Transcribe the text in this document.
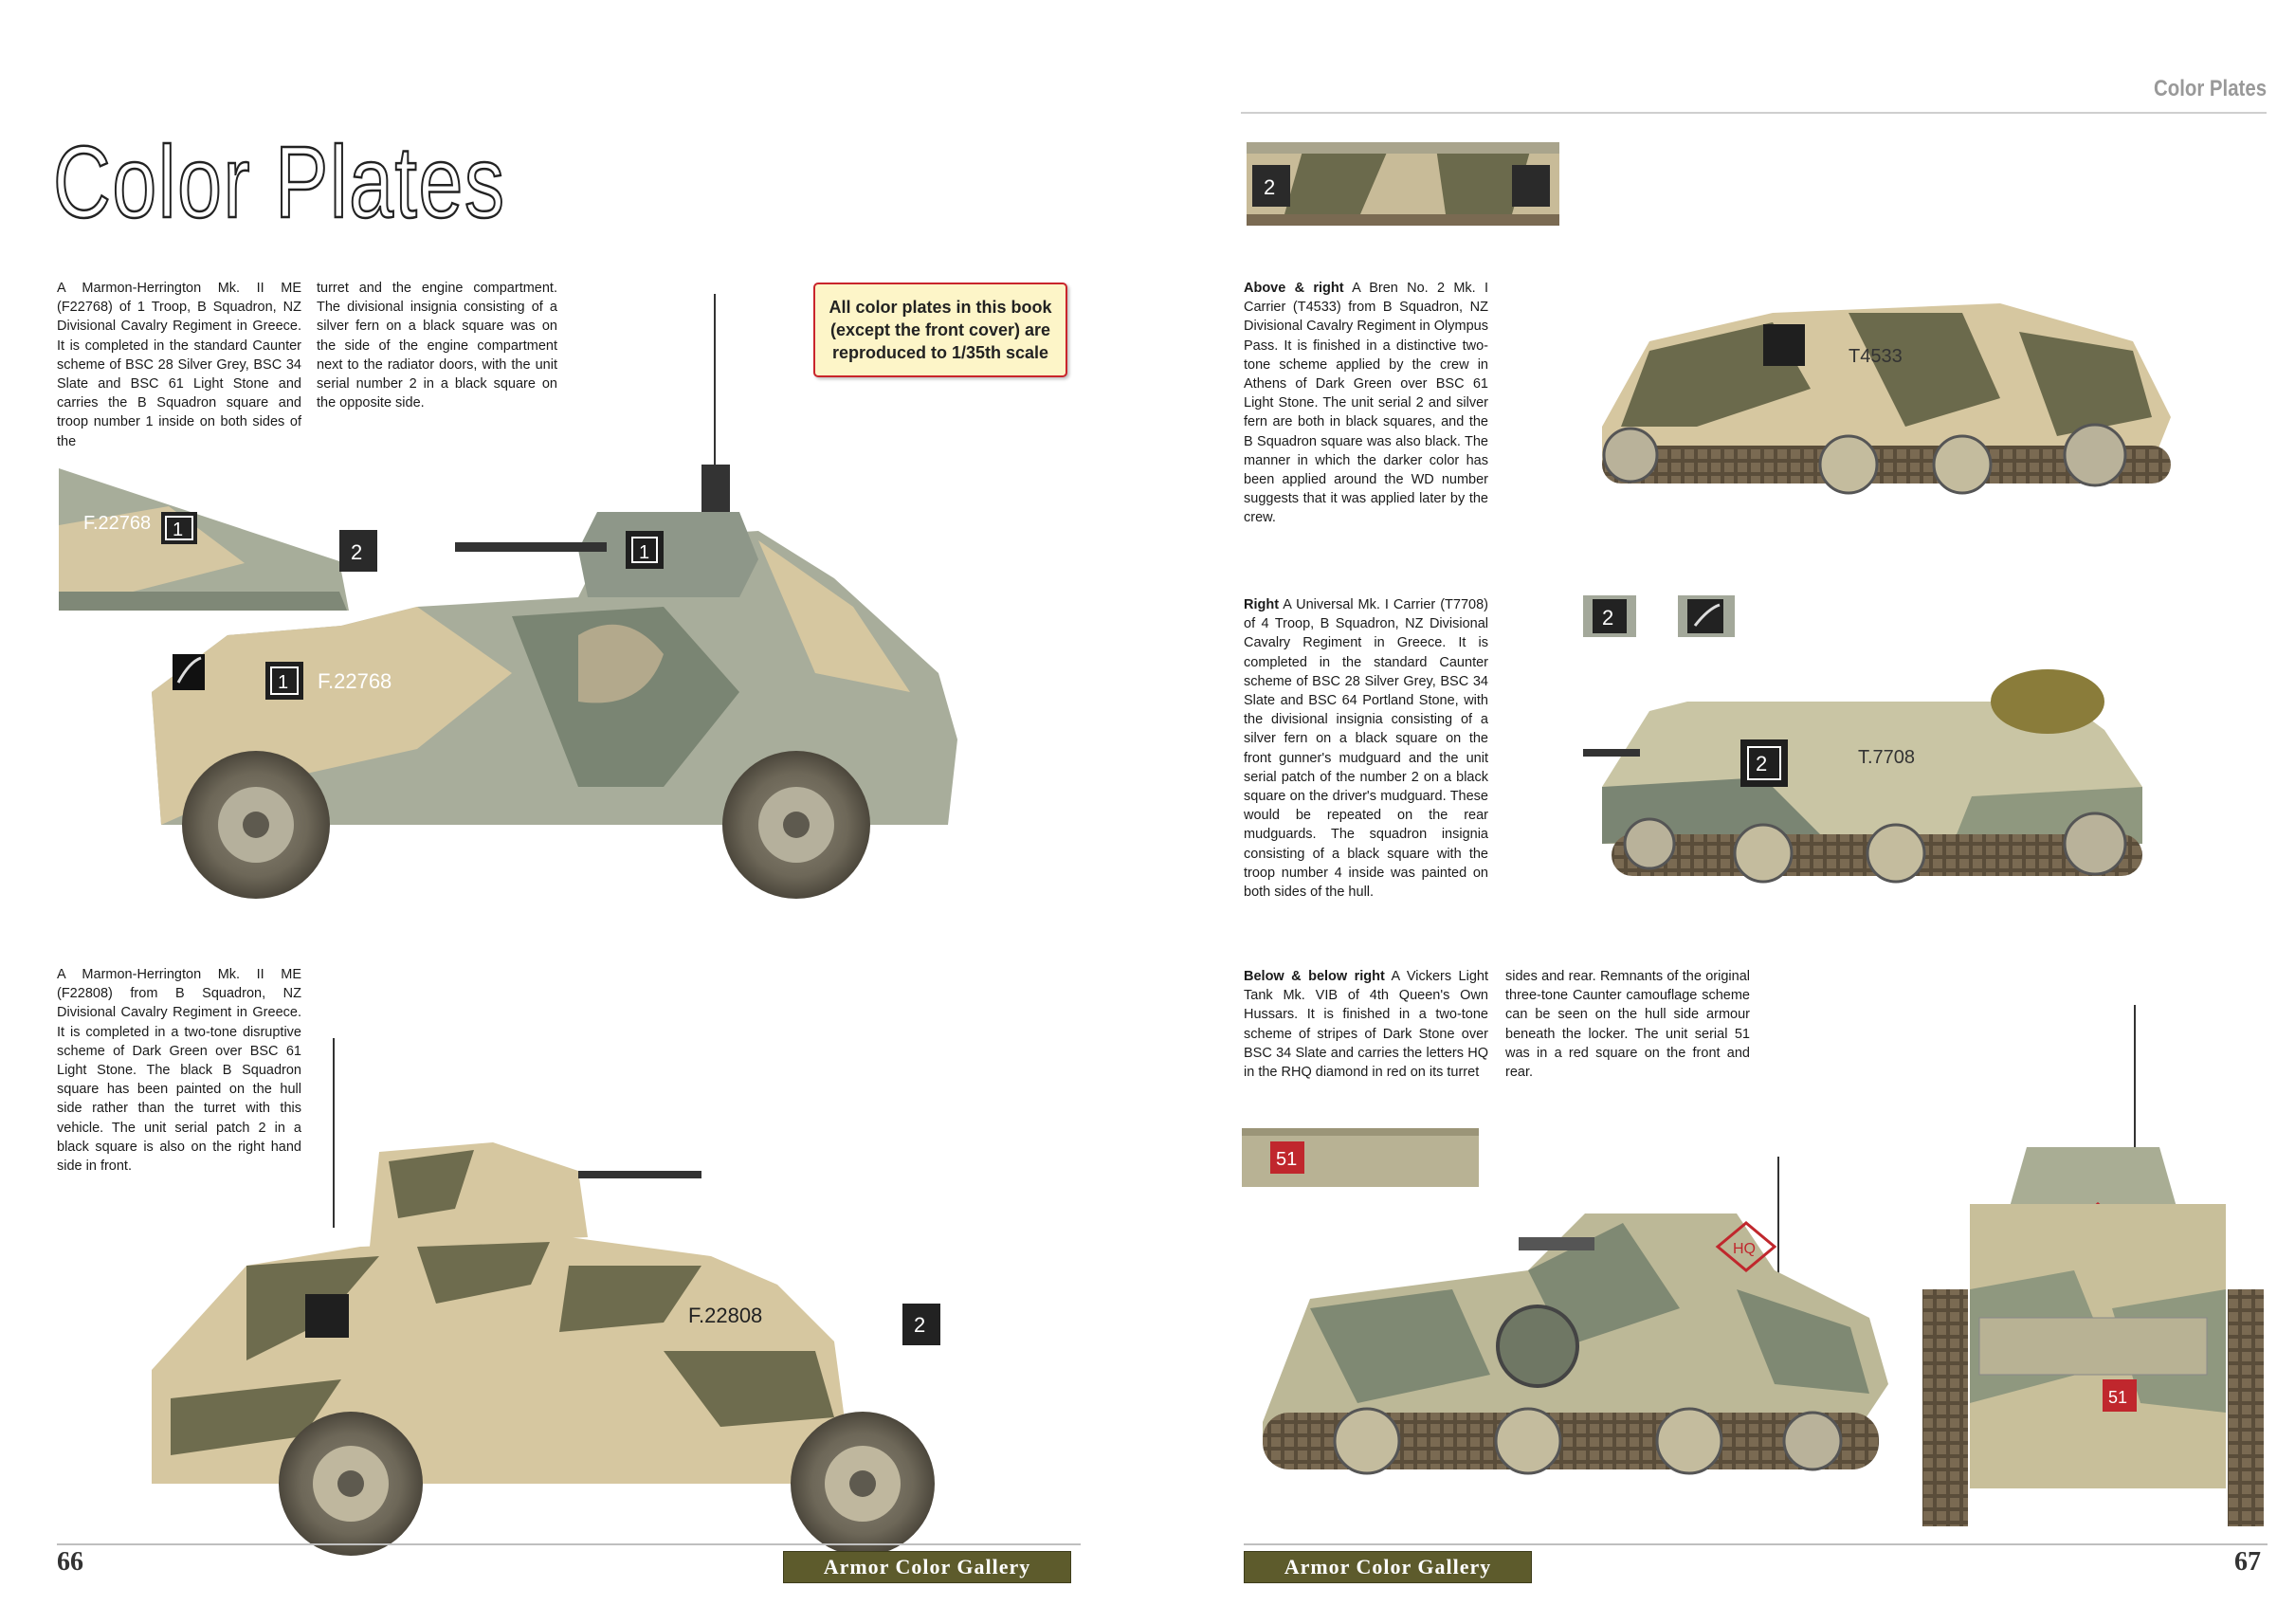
Color Plates
Color Plates
A Marmon-Herrington Mk. II ME (F22768) of 1 Troop, B Squadron, NZ Divisional Cavalry Regiment in Greece. It is completed in the standard Caunter scheme of BSC 28 Silver Grey, BSC 34 Slate and BSC 61 Light Stone and carries the B Squadron square and troop number 1 inside on both sides of the
turret and the engine compartment. The divisional insignia consisting of a silver fern on a black square was on the side of the engine compartment next to the radiator doors, with the unit serial number 2 in a black square on the opposite side.
All color plates in this book (except the front cover) are reproduced to 1/35th scale
A Marmon-Herrington Mk. II ME (F22808) from B Squadron, NZ Divisional Cavalry Regiment in Greece. It is completed in a two-tone disruptive scheme of Dark Green over BSC 61 Light Stone. The black B Squadron square has been painted on the hull side rather than the turret with this vehicle. The unit serial patch 2 in a black square is also on the right hand side in front.
Above & right A Bren No. 2 Mk. I Carrier (T4533) from B Squadron, NZ Divisional Cavalry Regiment in Olympus Pass. It is finished in a distinctive two-tone scheme applied by the crew in Athens of Dark Green over BSC 61 Light Stone. The unit serial 2 and silver fern are both in black squares, and the B Squadron square was also black. The manner in which the darker color has been applied around the WD number suggests that it was applied later by the crew.
Right A Universal Mk. I Carrier (T7708) of 4 Troop, B Squadron, NZ Divisional Cavalry Regiment in Greece. It is completed in the standard Caunter scheme of BSC 28 Silver Grey, BSC 34 Slate and BSC 64 Portland Stone, with the divisional insignia consisting of a silver fern on a black square on the front gunner's mudguard and the unit serial patch of the number 2 on a black square on the driver's mudguard. These would be repeated on the rear mudguards. The squadron insignia consisting of a black square with the troop number 4 inside was painted on both sides of the hull.
Below & below right A Vickers Light Tank Mk. VIB of 4th Queen's Own Hussars. It is finished in a two-tone scheme of stripes of Dark Stone over BSC 34 Slate and carries the letters HQ in the RHQ diamond in red on its turret
sides and rear. Remnants of the original three-tone Caunter camouflage scheme can be seen on the hull side armour beneath the locker. The unit serial 51 was in a red square on the front and rear.
F.22768 1
2	1
1 F.22768
F.22808	2
2
T4533
2
2	T.7708
51
HQ
51
66	Armor Color Gallery	Armor Color Gallery	67
